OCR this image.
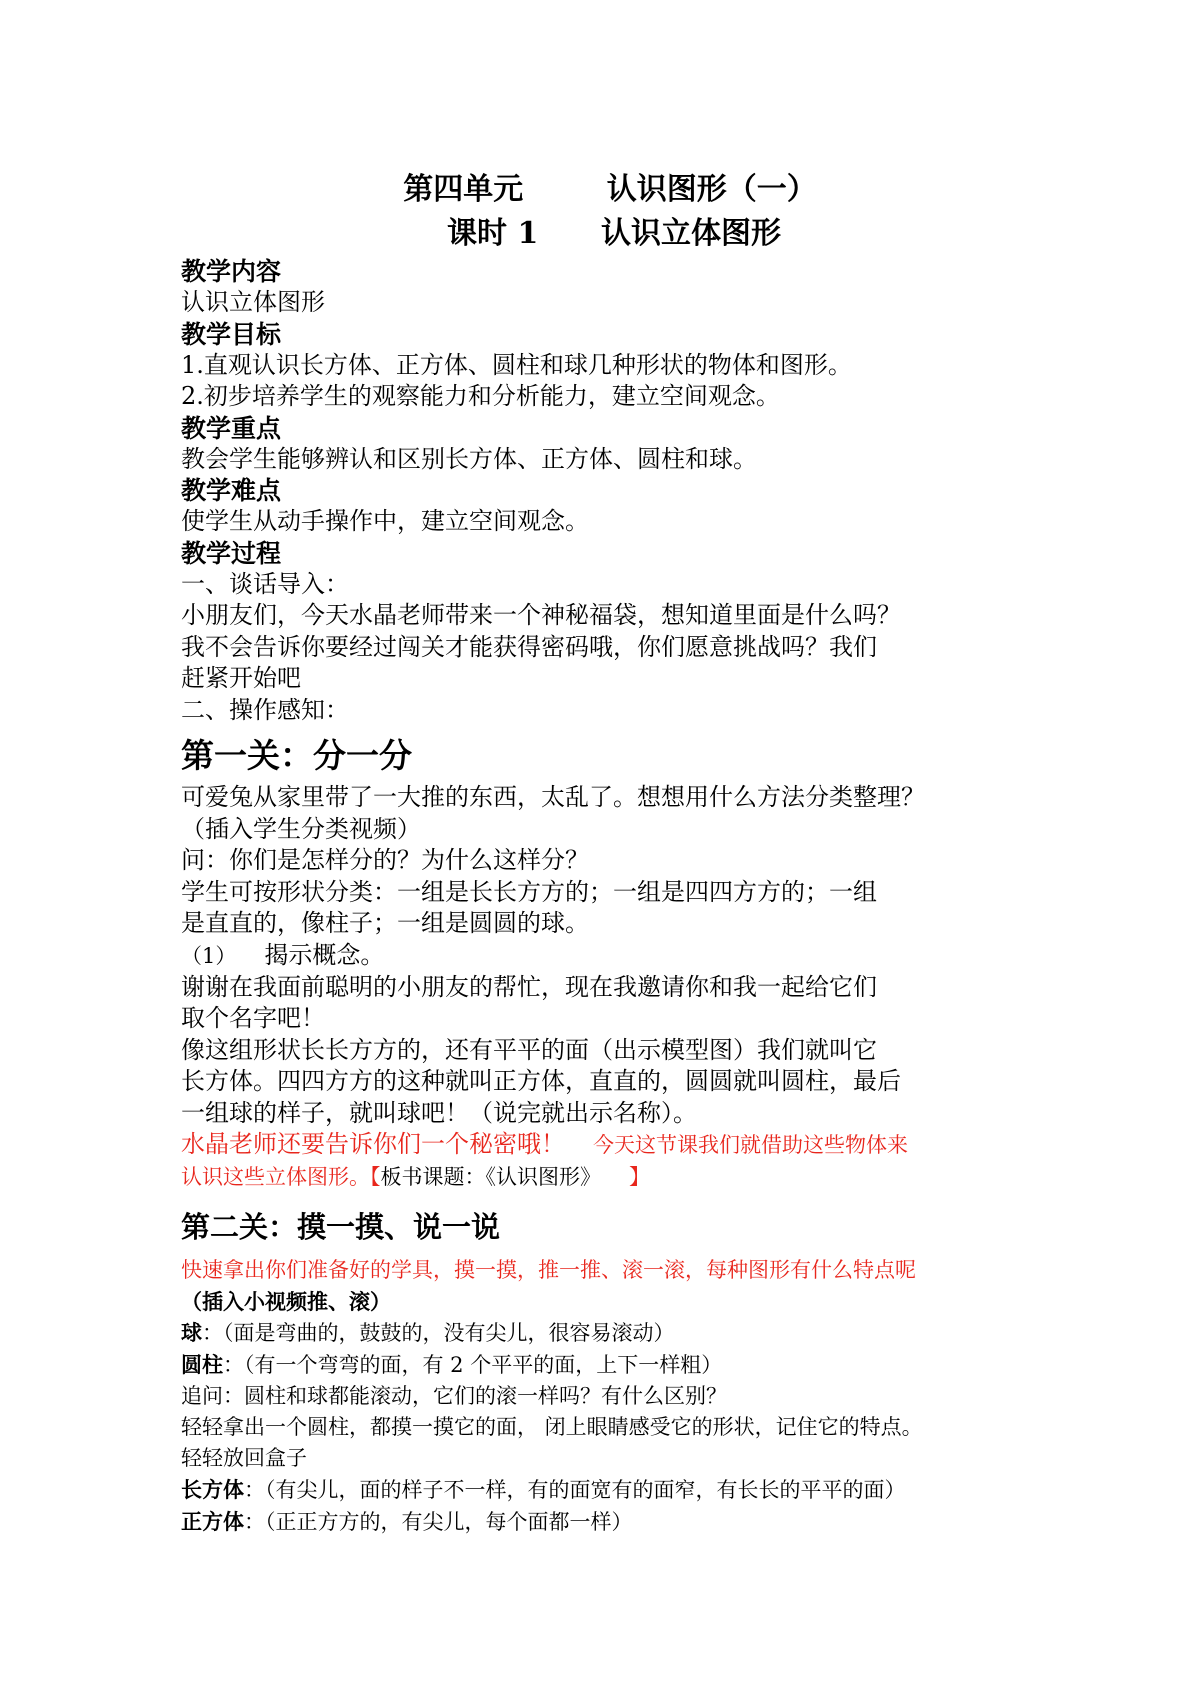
第四单元        认识图形（一）

课时 1      认识立体图形

教学内容

认识立体图形

教学目标

1.直观认识长方体、正方体、圆柱和球几种形状的物体和图形。

2.初步培养学生的观察能力和分析能力，建立空间观念。

教学重点

教会学生能够辨认和区别长方体、正方体、圆柱和球。

教学难点

使学生从动手操作中，建立空间观念。

教学过程

一、谈话导入：

小朋友们，今天水晶老师带来一个神秘福袋，想知道里面是什么吗？

我不会告诉你要经过闯关才能获得密码哦，你们愿意挑战吗？我们

赶紧开始吧

二、操作感知：

第一关：分一分

可爱兔从家里带了一大推的东西，太乱了。想想用什么方法分类整理？

（插入学生分类视频）

问：你们是怎样分的？为什么这样分？

学生可按形状分类：一组是长长方方的；一组是四四方方的；一组

是直直的，像柱子；一组是圆圆的球。

（1） 揭示概念。

谢谢在我面前聪明的小朋友的帮忙，现在我邀请你和我一起给它们

取个名字吧！

像这组形状长长方方的，还有平平的面（出示模型图）我们就叫它

长方体。四四方方的这种就叫正方体，直直的，圆圆就叫圆柱，最后

一组球的样子，就叫球吧！（说完就出示名称）。

水晶老师还要告诉你们一个秘密哦！ 今天这节课我们就借助这些物体来

认识这些立体图形。【板书课题：《认识图形》 】

第二关：摸一摸、说一说

快速拿出你们准备好的学具，摸一摸，推一推、滚一滚，每种图形有什么特点呢

（插入小视频推、滚）

球：（面是弯曲的，鼓鼓的，没有尖儿，很容易滚动）

圆柱：（有一个弯弯的面，有 2 个平平的面，上下一样粗）

追问：圆柱和球都能滚动，它们的滚一样吗？有什么区别？

轻轻拿出一个圆柱，都摸一摸它的面， 闭上眼睛感受它的形状，记住它的特点。

轻轻放回盒子

长方体：（有尖儿，面的样子不一样，有的面宽有的面窄，有长长的平平的面）

正方体：（正正方方的，有尖儿，每个面都一样）
